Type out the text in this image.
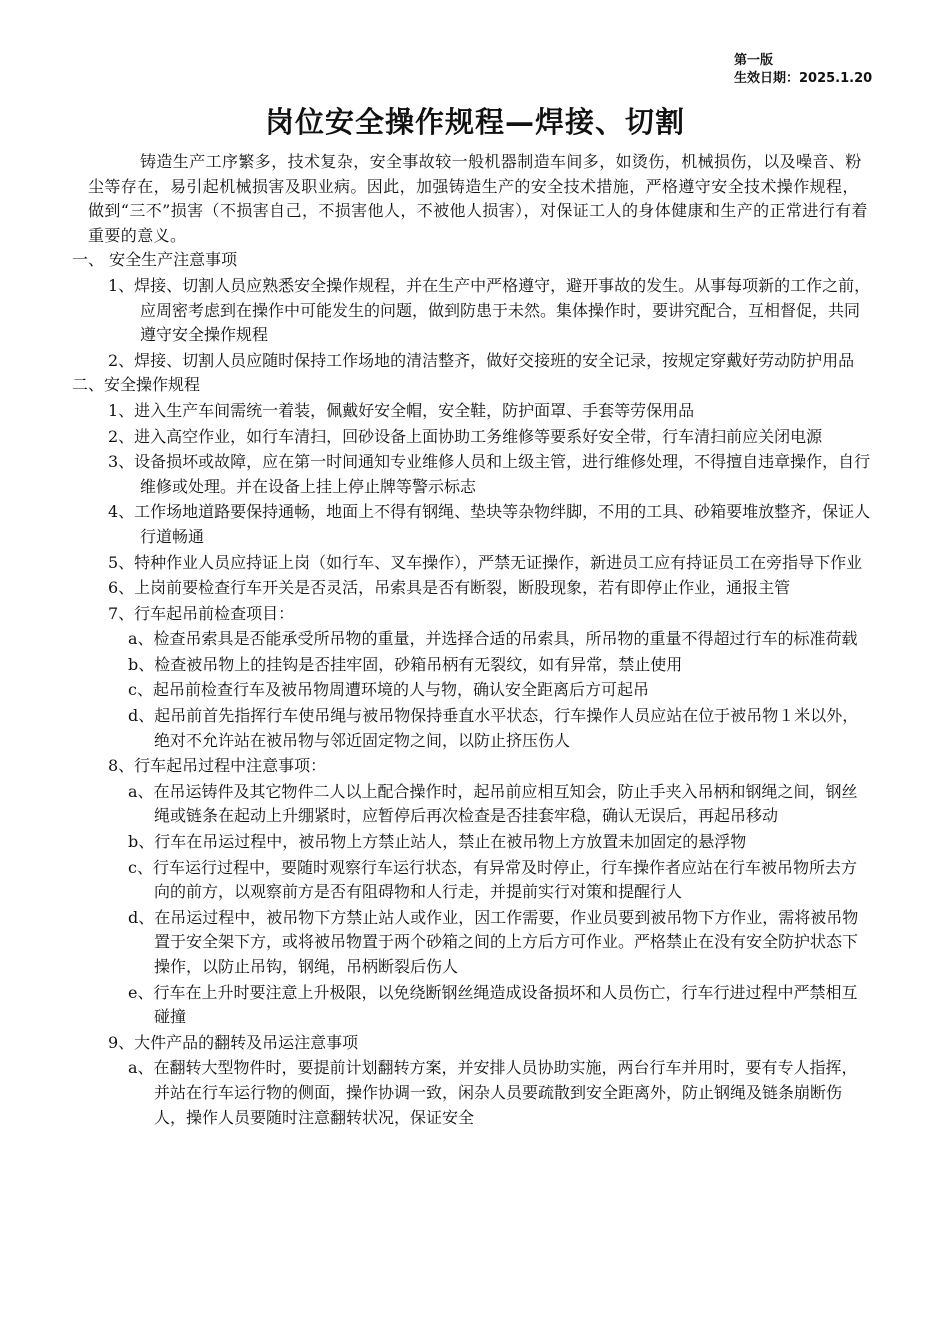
第一版
生效日期：2025.1.20
岗位安全操作规程—焊接、切割

铸造生产工序繁多，技术复杂，安全事故较一般机器制造车间多，如烫伤，机械损伤，以及噪音、粉尘等存在，易引起机械损害及职业病。因此，加强铸造生产的安全技术措施，严格遵守安全技术操作规程，做到“三不”损害（不损害自己，不损害他人，不被他人损害），对保证工人的身体健康和生产的正常进行有着重要的意义。

一、 安全生产注意事项

1、焊接、切割人员应熟悉安全操作规程，并在生产中严格遵守，避开事故的发生。从事每项新的工作之前，应周密考虑到在操作中可能发生的问题，做到防患于未然。集体操作时，要讲究配合，互相督促，共同遵守安全操作规程

2、焊接、切割人员应随时保持工作场地的清洁整齐，做好交接班的安全记录，按规定穿戴好劳动防护用品

二、安全操作规程

1、进入生产车间需统一着装，佩戴好安全帽，安全鞋，防护面罩、手套等劳保用品

2、进入高空作业，如行车清扫，回砂设备上面协助工务维修等要系好安全带，行车清扫前应关闭电源

3、设备损坏或故障，应在第一时间通知专业维修人员和上级主管，进行维修处理，不得擅自违章操作，自行维修或处理。并在设备上挂上停止牌等警示标志

4、工作场地道路要保持通畅，地面上不得有钢绳、垫块等杂物绊脚，不用的工具、砂箱要堆放整齐，保证人行道畅通

5、特种作业人员应持证上岗（如行车、叉车操作），严禁无证操作，新进员工应有持证员工在旁指导下作业

6、上岗前要检查行车开关是否灵活，吊索具是否有断裂，断股现象，若有即停止作业，通报主管

7、行车起吊前检查项目：

a、检查吊索具是否能承受所吊物的重量，并选择合适的吊索具，所吊物的重量不得超过行车的标准荷载

b、检查被吊物上的挂钩是否挂牢固，砂箱吊柄有无裂纹，如有异常，禁止使用

c、起吊前检查行车及被吊物周遭环境的人与物，确认安全距离后方可起吊

d、起吊前首先指挥行车使吊绳与被吊物保持垂直水平状态，行车操作人员应站在位于被吊物１米以外，绝对不允许站在被吊物与邻近固定物之间，以防止挤压伤人

8、行车起吊过程中注意事项：

a、在吊运铸件及其它物件二人以上配合操作时，起吊前应相互知会，防止手夹入吊柄和钢绳之间，钢丝绳或链条在起动上升绷紧时，应暂停后再次检查是否挂套牢稳，确认无误后，再起吊移动

b、行车在吊运过程中，被吊物上方禁止站人，禁止在被吊物上方放置未加固定的悬浮物

c、行车运行过程中，要随时观察行车运行状态，有异常及时停止，行车操作者应站在行车被吊物所去方向的前方，以观察前方是否有阻碍物和人行走，并提前实行对策和提醒行人

d、在吊运过程中，被吊物下方禁止站人或作业，因工作需要，作业员要到被吊物下方作业，需将被吊物置于安全架下方，或将被吊物置于两个砂箱之间的上方后方可作业。严格禁止在没有安全防护状态下操作，以防止吊钩，钢绳，吊柄断裂后伤人

e、行车在上升时要注意上升极限，以免绕断钢丝绳造成设备损坏和人员伤亡，行车行进过程中严禁相互碰撞

9、大件产品的翻转及吊运注意事项

a、在翻转大型物件时，要提前计划翻转方案，并安排人员协助实施，两台行车并用时，要有专人指挥，并站在行车运行物的侧面，操作协调一致，闲杂人员要疏散到安全距离外，防止钢绳及链条崩断伤人，操作人员要随时注意翻转状况，保证安全
